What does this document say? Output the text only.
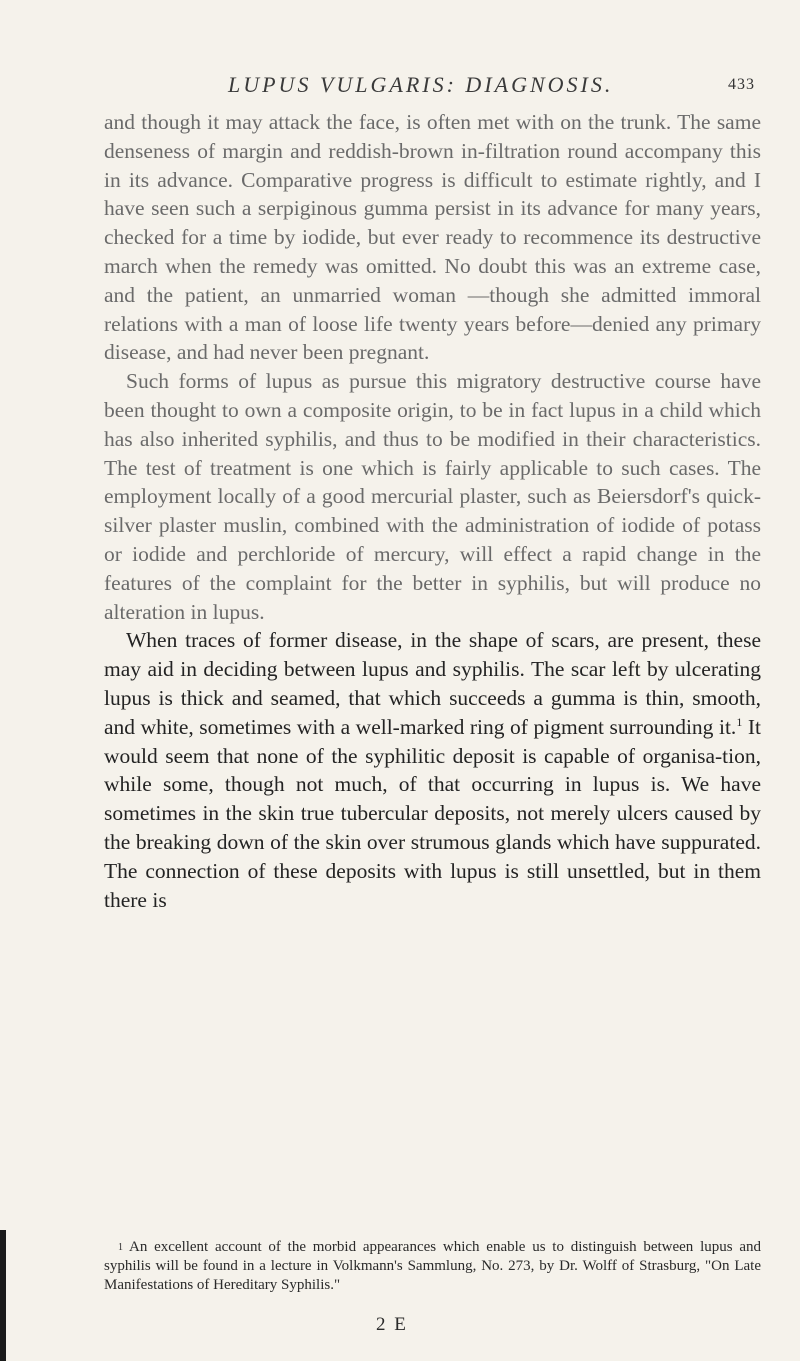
LUPUS VULGARIS: DIAGNOSIS.	433

and though it may attack the face, is often met with on the trunk. The same denseness of margin and reddish-brown in-filtration round accompany this in its advance. Comparative progress is difficult to estimate rightly, and I have seen such a serpiginous gumma persist in its advance for many years, checked for a time by iodide, but ever ready to recommence its destructive march when the remedy was omitted. No doubt this was an extreme case, and the patient, an unmarried woman —though she admitted immoral relations with a man of loose life twenty years before—denied any primary disease, and had never been pregnant.

Such forms of lupus as pursue this migratory destructive course have been thought to own a composite origin, to be in fact lupus in a child which has also inherited syphilis, and thus to be modified in their characteristics. The test of treatment is one which is fairly applicable to such cases. The employment locally of a good mercurial plaster, such as Beiersdorf's quick-silver plaster muslin, combined with the administration of iodide of potass or iodide and perchloride of mercury, will effect a rapid change in the features of the complaint for the better in syphilis, but will produce no alteration in lupus.

When traces of former disease, in the shape of scars, are present, these may aid in deciding between lupus and syphilis. The scar left by ulcerating lupus is thick and seamed, that which succeeds a gumma is thin, smooth, and white, sometimes with a well-marked ring of pigment surrounding it.$^1$ It would seem that none of the syphilitic deposit is capable of organisa-tion, while some, though not much, of that occurring in lupus is. We have sometimes in the skin true tubercular deposits, not merely ulcers caused by the breaking down of the skin over strumous glands which have suppurated. The connection of these deposits with lupus is still unsettled, but in them there is

$^1$ An excellent account of the morbid appearances which enable us to distinguish between lupus and syphilis will be found in a lecture in Volkmann's Sammlung, No. 273, by Dr. Wolff of Strasburg, "On Late Manifestations of Hereditary Syphilis."

2 E
